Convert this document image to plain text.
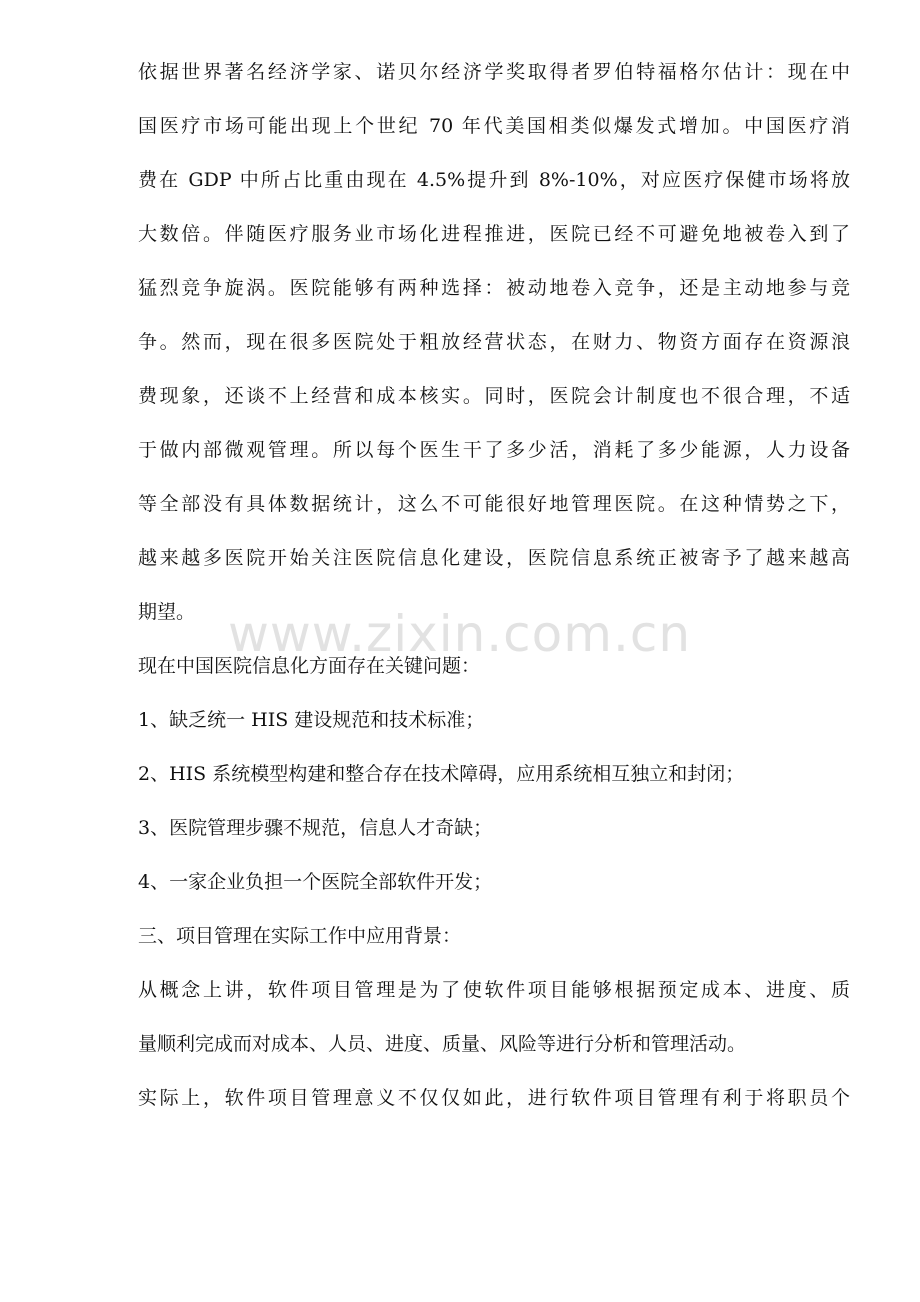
www.zixin.com.cn
依据世界著名经济学家、诺贝尔经济学奖取得者罗伯特福格尔估计：现在中
国医疗市场可能出现上个世纪 70 年代美国相类似爆发式增加。中国医疗消
费在 GDP 中所占比重由现在 4.5%提升到 8%-10%，对应医疗保健市场将放
大数倍。伴随医疗服务业市场化进程推进，医院已经不可避免地被卷入到了
猛烈竞争旋涡。医院能够有两种选择：被动地卷入竞争，还是主动地参与竞
争。然而，现在很多医院处于粗放经营状态，在财力、物资方面存在资源浪
费现象，还谈不上经营和成本核实。同时，医院会计制度也不很合理，不适
于做内部微观管理。所以每个医生干了多少活，消耗了多少能源，人力设备
等全部没有具体数据统计，这么不可能很好地管理医院。在这种情势之下，
越来越多医院开始关注医院信息化建设，医院信息系统正被寄予了越来越高
期望。
现在中国医院信息化方面存在关键问题：
1、缺乏统一 HIS 建设规范和技术标准；
2、HIS 系统模型构建和整合存在技术障碍，应用系统相互独立和封闭；
3、医院管理步骤不规范，信息人才奇缺；
4、一家企业负担一个医院全部软件开发；
三、项目管理在实际工作中应用背景：
从概念上讲，软件项目管理是为了使软件项目能够根据预定成本、进度、质
量顺利完成而对成本、人员、进度、质量、风险等进行分析和管理活动。
实际上，软件项目管理意义不仅仅如此，进行软件项目管理有利于将职员个
